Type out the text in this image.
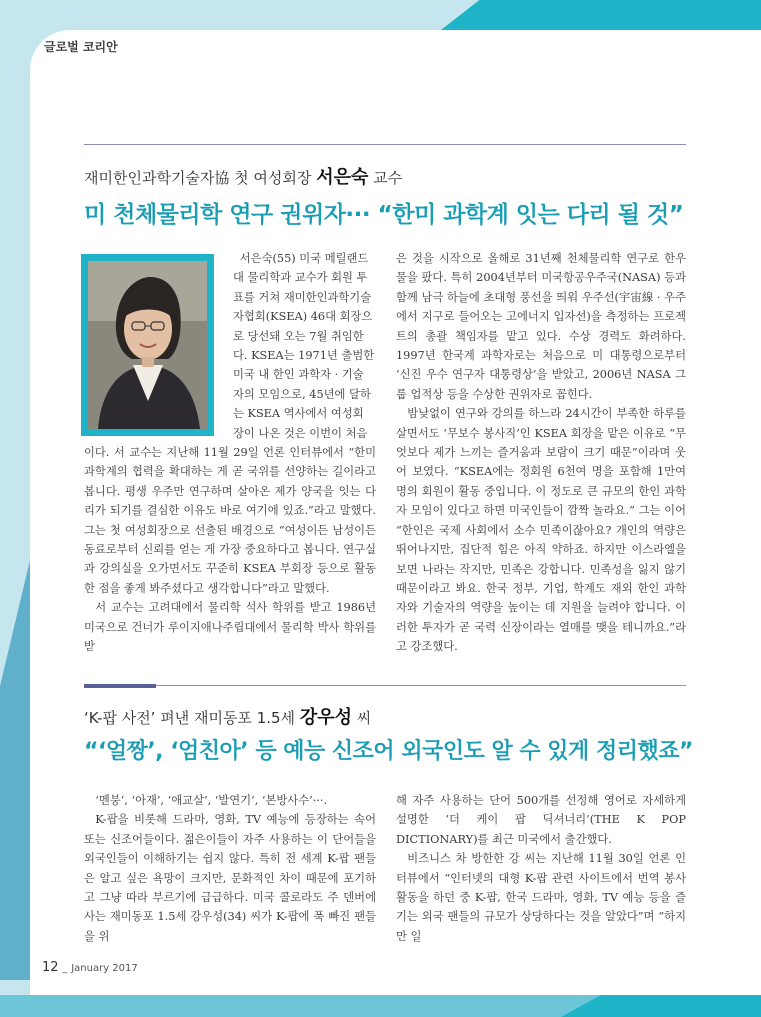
글로벌 코리안
재미한인과학기술자協 첫 여성회장 서은숙 교수
미 천체물리학 연구 권위자··· “한미 과학계 잇는 다리 될 것”

서은숙(55) 미국 메릴랜드

대 물리학과 교수가 회원 투

표를 거쳐 재미한인과학기술

자협회(KSEA) 46대 회장으

로 당선돼 오는 7월 취임한

다. KSEA는 1971년 출범한

미국 내 한인 과학자 · 기술

자의 모임으로, 45년에 달하

는 KSEA 역사에서 여성회

장이 나온 것은 이번이 처음

이다. 서 교수는 지난해 11월 29일 언론 인터뷰에서 “한미 과학계의 협력을 확대하는 게 곧 국위를 선양하는 길이라고 봅니다. 평생 우주만 연구하며 살아온 제가 양국을 잇는 다리가 되기를 결심한 이유도 바로 여기에 있죠.”라고 말했다. 그는 첫 여성회장으로 선출된 배경으로 “여성이든 남성이든 동료로부터 신뢰를 얻는 게 가장 중요하다고 봅니다. 연구실과 강의실을 오가면서도 꾸준히 KSEA 부회장 등으로 활동한 점을 좋게 봐주셨다고 생각합니다”라고 말했다.

서 교수는 고려대에서 물리학 석사 학위를 받고 1986년 미국으로 건너가 루이지애나주립대에서 물리학 박사 학위를 받

은 것을 시작으로 올해로 31년째 천체물리학 연구로 한우물을 팠다. 특히 2004년부터 미국항공우주국(NASA) 등과 함께 남극 하늘에 초대형 풍선을 띄워 우주선(宇宙線 · 우주에서 지구로 들어오는 고에너지 입자선)을 측정하는 프로젝트의 총괄 책임자를 맡고 있다. 수상 경력도 화려하다. 1997년 한국계 과학자로는 처음으로 미 대통령으로부터 ‘신진 우수 연구자 대통령상’을 받았고, 2006년 NASA 그룹 업적상 등을 수상한 권위자로 꼽힌다.

밤낮없이 연구와 강의를 하느라 24시간이 부족한 하루를 살면서도 ‘무보수 봉사직’인 KSEA 회장을 맡은 이유로 “무엇보다 제가 느끼는 즐거움과 보람이 크기 때문”이라며 웃어 보였다. “KSEA에는 정회원 6천여 명을 포함해 1만여 명의 회원이 활동 중입니다. 이 정도로 큰 규모의 한인 과학자 모임이 있다고 하면 미국인들이 깜짝 놀라요.” 그는 이어 “한인은 국제 사회에서 소수 민족이잖아요? 개인의 역량은 뛰어나지만, 집단적 힘은 아직 약하죠. 하지만 이스라엘을 보면 나라는 작지만, 민족은 강합니다. 민족성을 잃지 않기 때문이라고 봐요. 한국 정부, 기업, 학계도 재외 한인 과학자와 기술자의 역량을 높이는 데 지원을 늘려야 합니다. 이러한 투자가 곧 국력 신장이라는 열매를 맺을 테니까요.”라고 강조했다.

‘K-팝 사전’ 펴낸 재미동포 1.5세 강우성 씨
“‘얼짱’, ‘엄친아’ 등 예능 신조어 외국인도 알 수 있게 정리했죠”

‘멘붕’, ‘아재’, ‘애교살’, ‘발연기’, ‘본방사수’···.

K-팝을 비롯해 드라마, 영화, TV 예능에 등장하는 속어 또는 신조어들이다. 젊은이들이 자주 사용하는 이 단어들을 외국인들이 이해하기는 쉽지 않다. 특히 전 세계 K-팝 팬들은 알고 싶은 욕망이 크지만, 문화적인 차이 때문에 포기하고 그냥 따라 부르기에 급급하다. 미국 콜로라도 주 덴버에 사는 재미동포 1.5세 강우성(34) 씨가 K-팝에 푹 빠진 팬들을 위

해 자주 사용하는 단어 500개를 선정해 영어로 자세하게 설명한 ‘더 케이 팝 딕셔너리’(THE K POP DICTIONARY)를 최근 미국에서 출간했다.

비즈니스 차 방한한 강 씨는 지난해 11월 30일 언론 인터뷰에서 “인터넷의 대형 K-팝 관련 사이트에서 번역 봉사활동을 하던 중 K-팝, 한국 드라마, 영화, TV 예능 등을 즐기는 외국 팬들의 규모가 상당하다는 것을 알았다”며 “하지만 일

12 _ January 2017
